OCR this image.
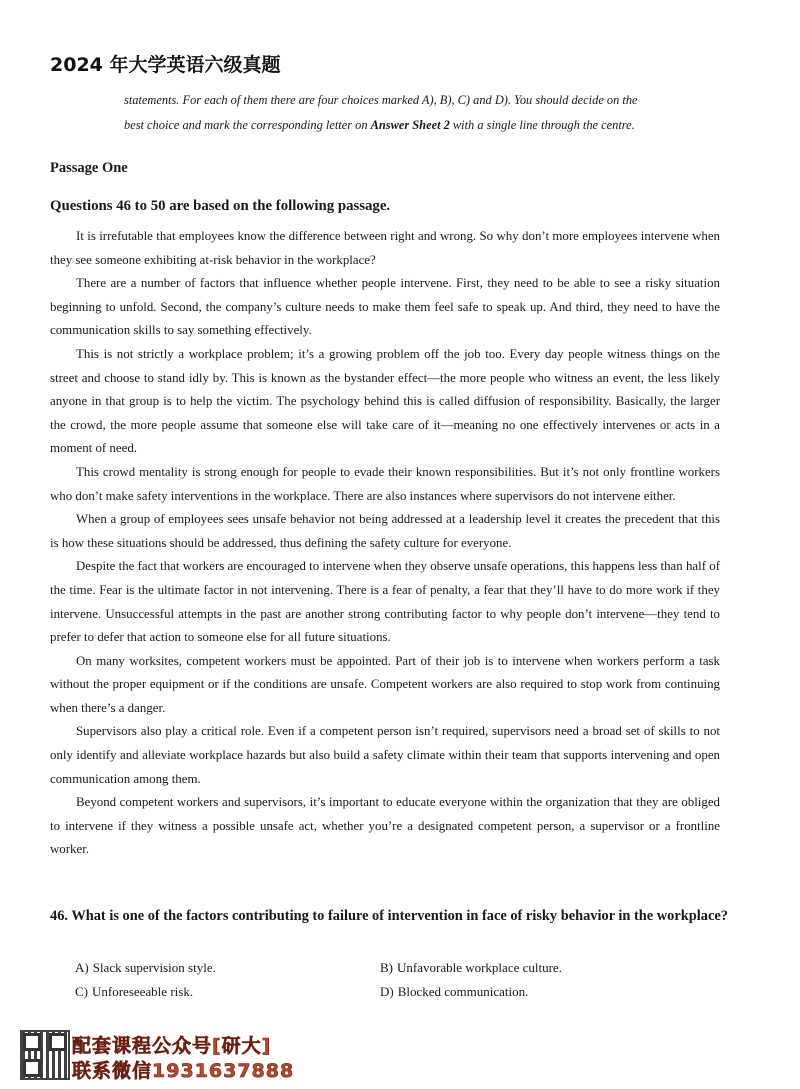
2024 年大学英语六级真题
statements. For each of them there are four choices marked A), B), C) and D). You should decide on the
best choice and mark the corresponding letter on Answer Sheet 2 with a single line through the centre.
Passage One
Questions 46 to 50 are based on the following passage.

It is irrefutable that employees know the difference between right and wrong. So why don’t more employees intervene when they see someone exhibiting at-risk behavior in the workplace?

There are a number of factors that influence whether people intervene. First, they need to be able to see a risky situation beginning to unfold. Second, the company’s culture needs to make them feel safe to speak up. And third, they need to have the communication skills to say something effectively.

This is not strictly a workplace problem; it’s a growing problem off the job too. Every day people witness things on the street and choose to stand idly by. This is known as the bystander effect—the more people who witness an event, the less likely anyone in that group is to help the victim. The psychology behind this is called diffusion of responsibility. Basically, the larger the crowd, the more people assume that someone else will take care of it—meaning no one effectively intervenes or acts in a moment of need.

This crowd mentality is strong enough for people to evade their known responsibilities. But it’s not only frontline workers who don’t make safety interventions in the workplace. There are also instances where supervisors do not intervene either.

When a group of employees sees unsafe behavior not being addressed at a leadership level it creates the precedent that this is how these situations should be addressed, thus defining the safety culture for everyone.

Despite the fact that workers are encouraged to intervene when they observe unsafe operations, this happens less than half of the time. Fear is the ultimate factor in not intervening. There is a fear of penalty, a fear that they’ll have to do more work if they intervene. Unsuccessful attempts in the past are another strong contributing factor to why people don’t intervene—they tend to prefer to defer that action to someone else for all future situations.

On many worksites, competent workers must be appointed. Part of their job is to intervene when workers perform a task without the proper equipment or if the conditions are unsafe. Competent workers are also required to stop work from continuing when there’s a danger.

Supervisors also play a critical role. Even if a competent person isn’t required, supervisors need a broad set of skills to not only identify and alleviate workplace hazards but also build a safety climate within their team that supports intervening and open communication among them.

Beyond competent workers and supervisors, it’s important to educate everyone within the organization that they are obliged to intervene if they witness a possible unsafe act, whether you’re a designated competent person, a supervisor or a frontline worker.

46. What is one of the factors contributing to failure of intervention in face of risky behavior in the workplace?
A) Slack supervision style.	B) Unfavorable workplace culture.
C) Unforeseeable risk.	D) Blocked communication.
配套课程公众号[研大]
联系微信1931637888
